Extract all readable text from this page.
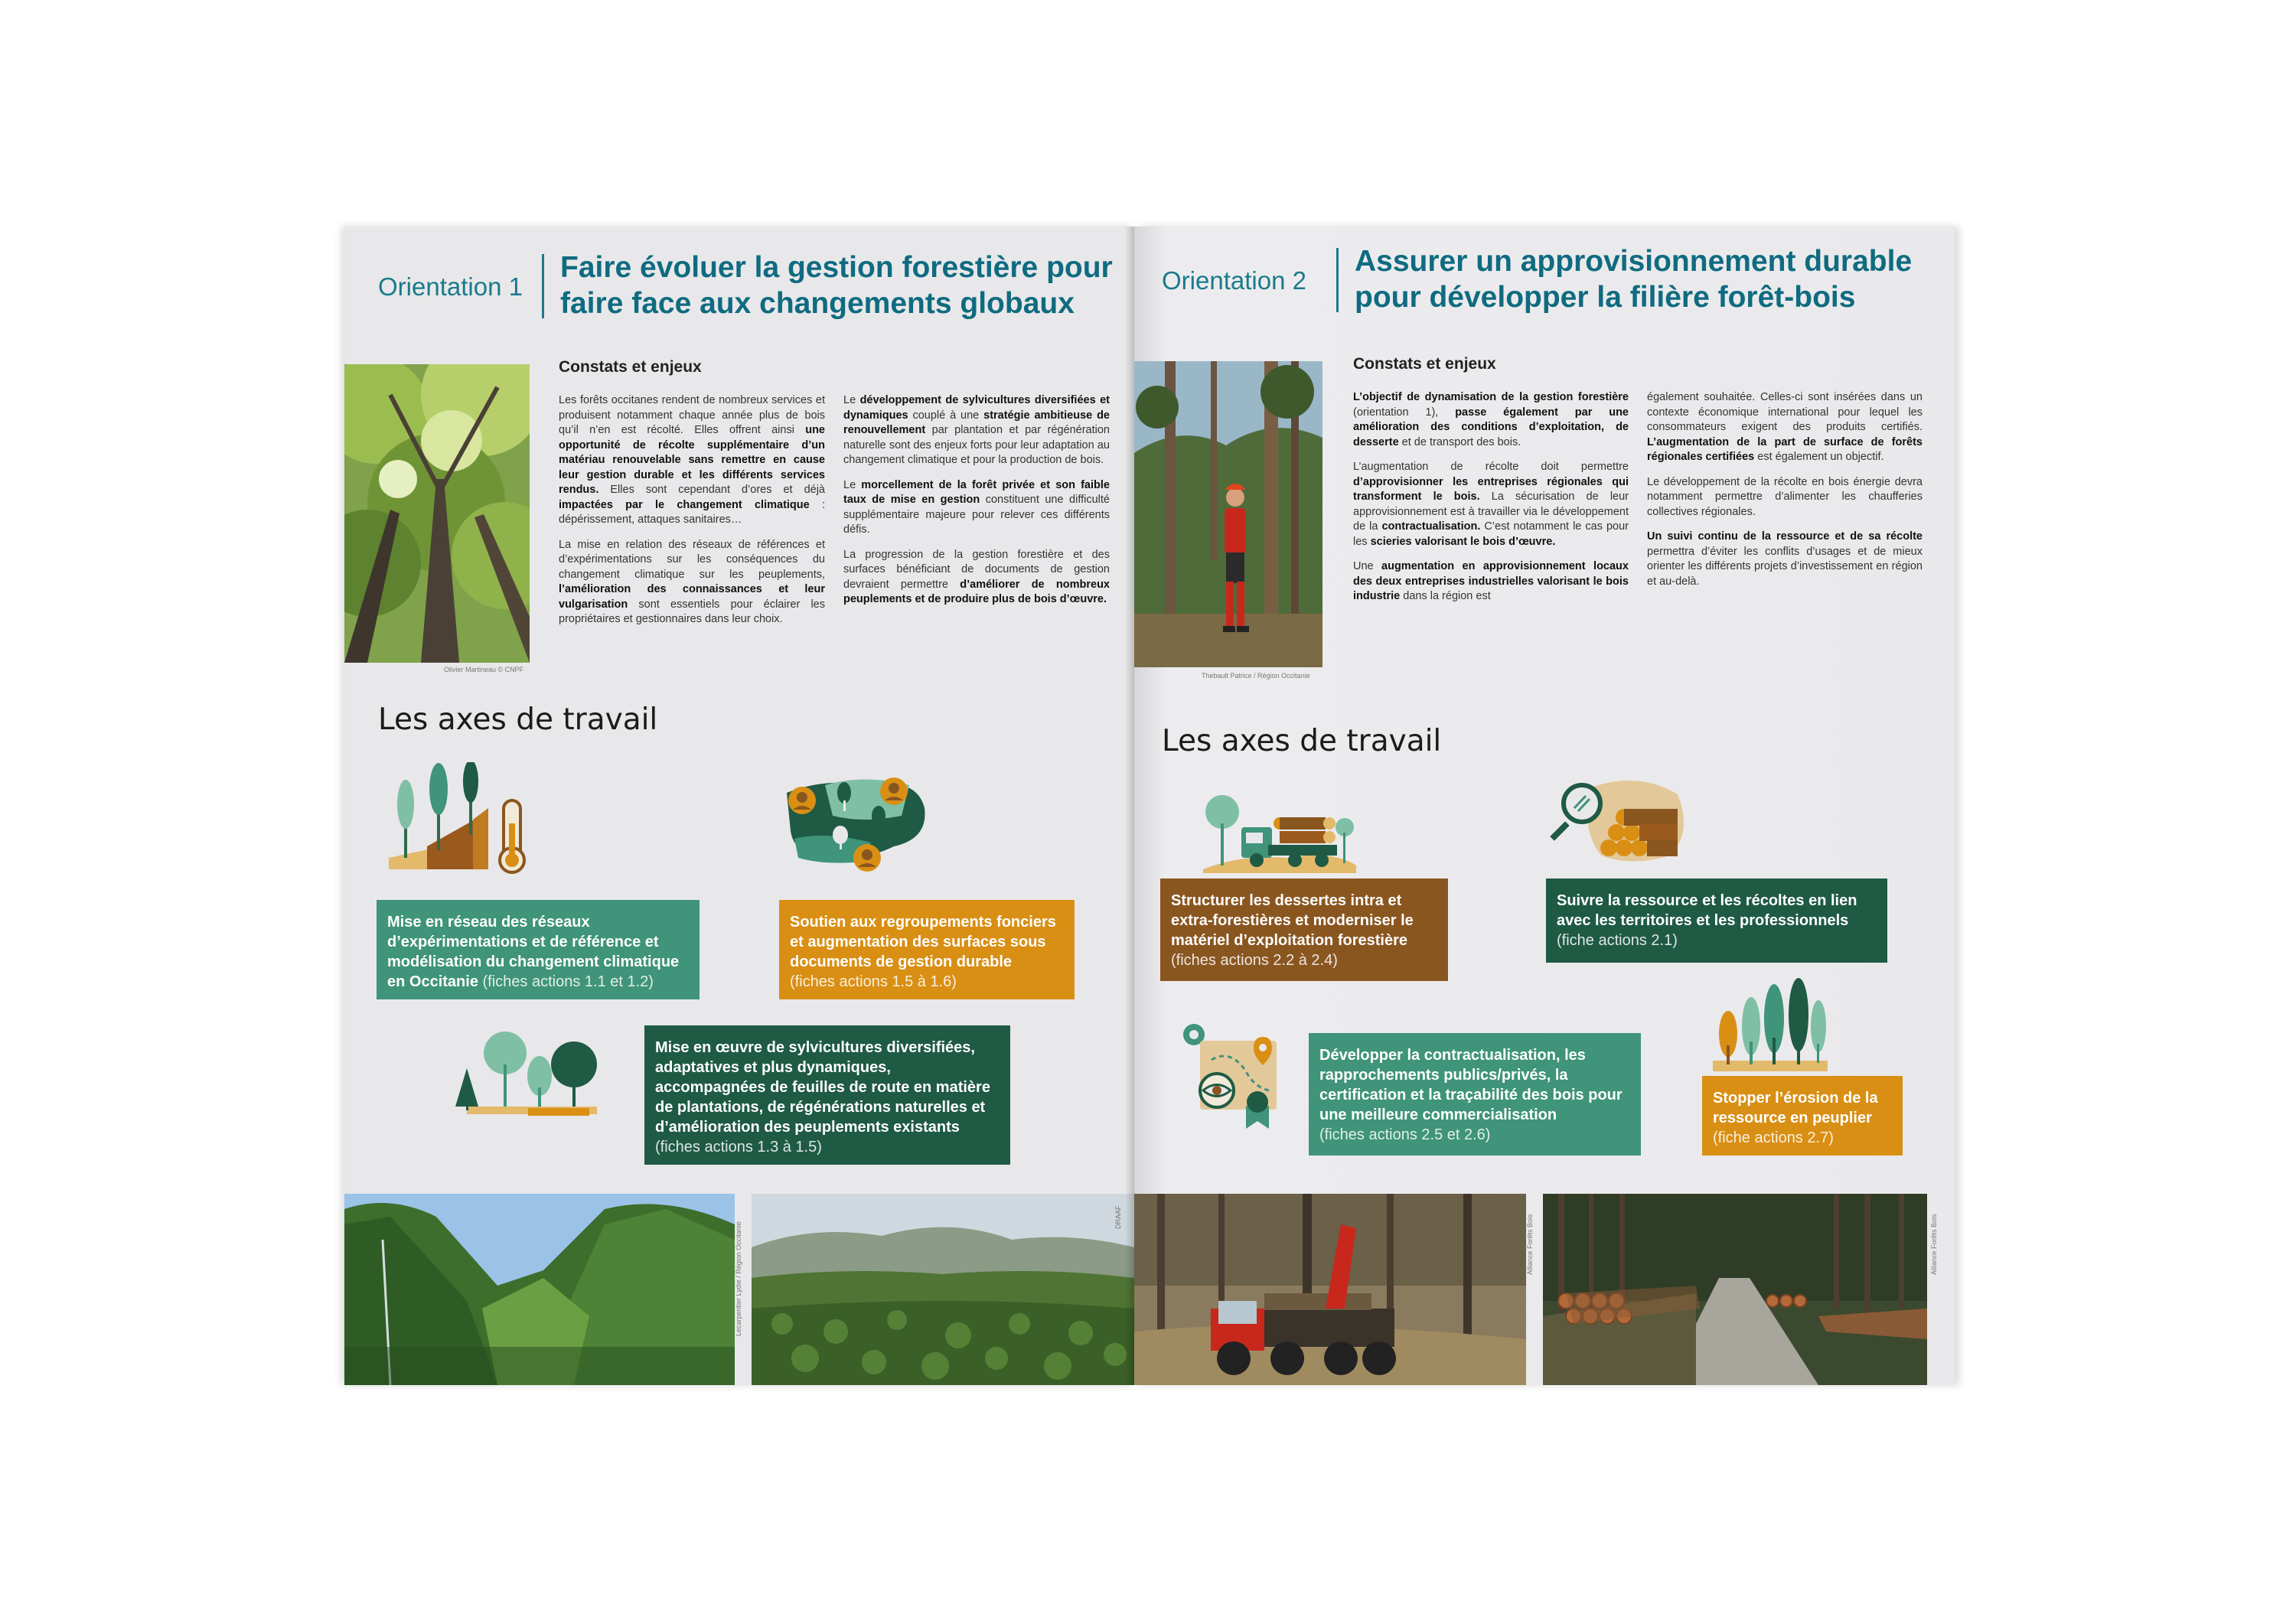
Orientation 1
Faire évoluer la gestion forestière pour
faire face aux changements globaux
Olivier Martineau © CNPF
Constats et enjeux

Les forêts occitanes rendent de nombreux services et produisent notamment chaque année plus de bois qu’il n’en est récolté. Elles offrent ainsi une opportunité de récolte supplémentaire d’un matériau renouvelable sans remettre en cause leur gestion durable et les différents services rendus. Elles sont cependant d’ores et déjà impactées par le changement climatique : dépérissement, attaques sanitaires…

La mise en relation des réseaux de références et d’expérimentations sur les conséquences du changement climatique sur les peuplements, l’amélioration des connaissances et leur vulgarisation sont essentiels pour éclairer les propriétaires et gestionnaires dans leur choix.

Le développement de sylvicultures diversifiées et dynamiques couplé à une stratégie ambitieuse de renouvellement par plantation et par régénération naturelle sont des enjeux forts pour leur adaptation au changement climatique et pour la production de bois.

Le morcellement de la forêt privée et son faible taux de mise en gestion constituent une difficulté supplémentaire majeure pour relever ces différents défis.

La progression de la gestion forestière et des surfaces bénéficiant de documents de gestion devraient permettre d’améliorer de nombreux peuplements et de produire plus de bois d’œuvre.

Les axes de travail
Mise en réseau des réseaux d’expérimentations et de référence et modélisation du changement climatique en Occitanie (fiches actions 1.1 et 1.2)
Soutien aux regroupements fonciers et augmentation des surfaces sous documents de gestion durable
(fiches actions 1.5 à 1.6)
Mise en œuvre de sylvicultures diversifiées, adaptatives et plus dynamiques, accompagnées de feuilles de route en matière de plantations, de régénérations naturelles et d’amélioration des peuplements existants
(fiches actions 1.3 à 1.5)
Lecarpentier Lydie / Région Occitanie
DRAAF
7
Orientation 2
Assurer un approvisionnement durable
pour développer la filière forêt-bois
Thebault Patrice / Région Occitanie
Constats et enjeux

L’objectif de dynamisation de la gestion forestière (orientation 1), passe également par une amélioration des conditions d’exploitation, de desserte et de transport des bois.

L’augmentation de récolte doit permettre d’approvisionner les entreprises régionales qui transforment le bois. La sécurisation de leur approvisionnement est à travailler via le développement de la contractualisation. C’est notamment le cas pour les scieries valorisant le bois d’œuvre.

Une augmentation en approvisionnement locaux des deux entreprises industrielles valorisant le bois industrie dans la région est

également souhaitée. Celles-ci sont insérées dans un contexte économique international pour lequel les consommateurs exigent des produits certifiés. L’augmentation de la part de surface de forêts régionales certifiées est également un objectif.

Le développement de la récolte en bois énergie devra notamment permettre d’alimenter les chaufferies collectives régionales.

Un suivi continu de la ressource et de sa récolte permettra d’éviter les conflits d’usages et de mieux orienter les différents projets d’investissement en région et au-delà.

Les axes de travail
Structurer les dessertes intra et extra-forestières et moderniser le matériel d’exploitation forestière
(fiches actions 2.2 à 2.4)
Suivre la ressource et les récoltes en lien avec les territoires et les professionnels
(fiche actions 2.1)
Développer la contractualisation, les rapprochements publics/privés, la certification et la traçabilité des bois pour une meilleure commercialisation
(fiches actions 2.5 et 2.6)
Stopper l’érosion de la ressource en peuplier
(fiche actions 2.7)
Alliance Forêts Bois	Alliance Forêts Bois
